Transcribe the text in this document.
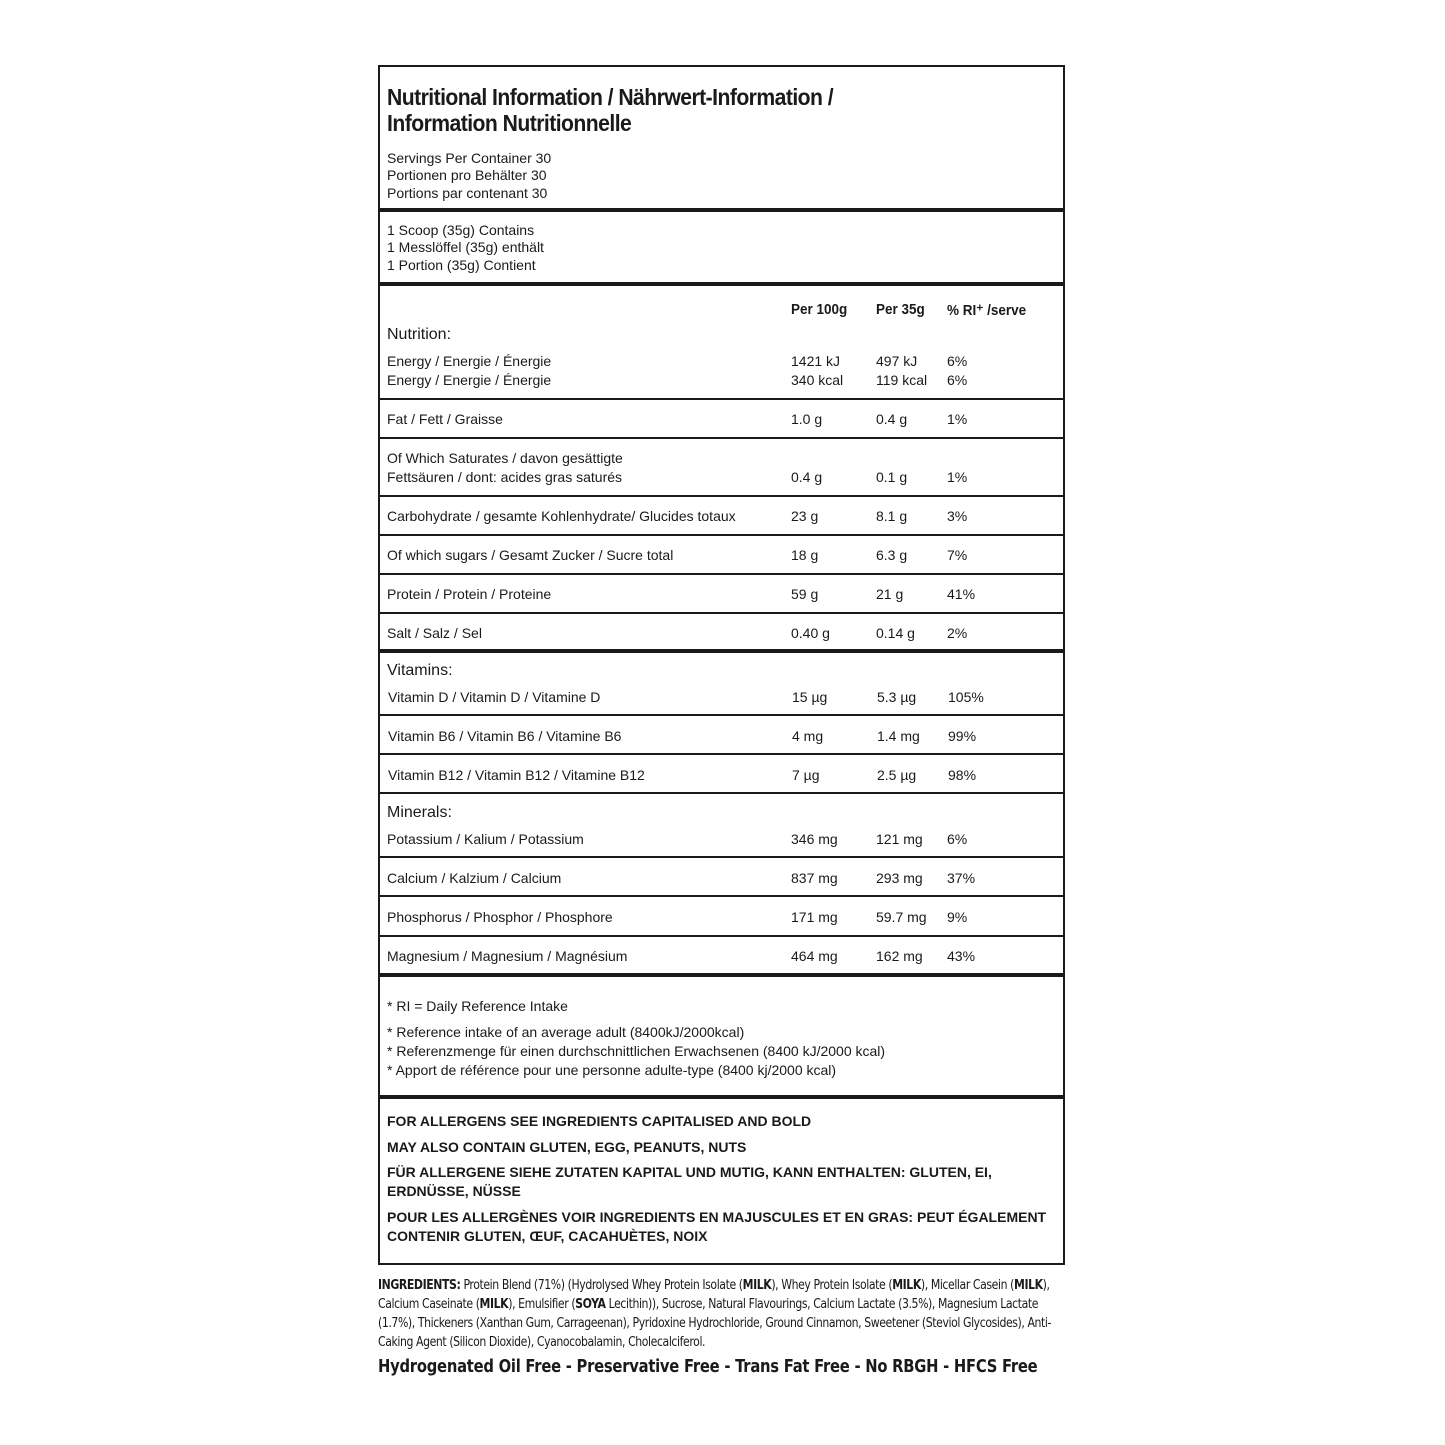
Nutritional Information / Nährwert-Information /
Information Nutritionnelle
Servings Per Container 30
Portionen pro Behälter 30
Portions par contenant 30
1 Scoop (35g) Contains
1 Messlöffel (35g) enthält
1 Portion (35g) Contient
Per 100g Per 35g % RI⁺ /serve
Nutrition:
Energy / Energie / Énergie	1421 kJ	497 kJ 6%
Energy / Energie / Énergie	340 kcal 119 kcal 6%
Fat / Fett / Graisse	1.0 g	0.4 g	1%
Of Which Saturates / davon gesättigte
Fettsäuren / dont: acides gras saturés	0.4 g	0.1 g	1%
Carbohydrate / gesamte Kohlenhydrate/ Glucides totaux	23 g	8.1 g	3%
Of which sugars / Gesamt Zucker / Sucre total	18 g	6.3 g	7%
Protein / Protein / Proteine	59 g	21 g	41%
Salt / Salz / Sel	0.40 g	0.14 g 2%
Vitamins:
Vitamin D / Vitamin D / Vitamine D	15 µg	5.3 µg 105%
Vitamin B6 / Vitamin B6 / Vitamine B6	4 mg	1.4 mg 99%
Vitamin B12 / Vitamin B12 / Vitamine B12	7 µg	2.5 µg 98%
Minerals:
Potassium / Kalium / Potassium	346 mg	121 mg 6%
Calcium / Kalzium / Calcium	837 mg	293 mg 37%
Phosphorus / Phosphor / Phosphore	171 mg	59.7 mg 9%
Magnesium / Magnesium / Magnésium	464 mg	162 mg 43%
* RI = Daily Reference Intake
* Reference intake of an average adult (8400kJ/2000kcal)
* Referenzmenge für einen durchschnittlichen Erwachsenen (8400 kJ/2000 kcal)
* Apport de référence pour une personne adulte-type (8400 kj/2000 kcal)
FOR ALLERGENS SEE INGREDIENTS CAPITALISED AND BOLD
MAY ALSO CONTAIN GLUTEN, EGG, PEANUTS, NUTS
FÜR ALLERGENE SIEHE ZUTATEN KAPITAL UND MUTIG, KANN ENTHALTEN: GLUTEN, EI,
ERDNÜSSE, NÜSSE
POUR LES ALLERGÈNES VOIR INGREDIENTS EN MAJUSCULES ET EN GRAS: PEUT ÉGALEMENT
CONTENIR GLUTEN, ŒUF, CACAHUÈTES, NOIX
INGREDIENTS: Protein Blend (71%) (Hydrolysed Whey Protein Isolate (MILK), Whey Protein Isolate (MILK), Micellar Casein (MILK), Calcium Caseinate (MILK), Emulsifier (SOYA Lecithin)), Sucrose, Natural Flavourings, Calcium Lactate (3.5%), Magnesium Lactate (1.7%), Thickeners (Xanthan Gum, Carrageenan), Pyridoxine Hydrochloride, Ground Cinnamon, Sweetener (Steviol Glycosides), Anti-Caking Agent (Silicon Dioxide), Cyanocobalamin, Cholecalciferol.
Hydrogenated Oil Free - Preservative Free - Trans Fat Free - No RBGH - HFCS Free
